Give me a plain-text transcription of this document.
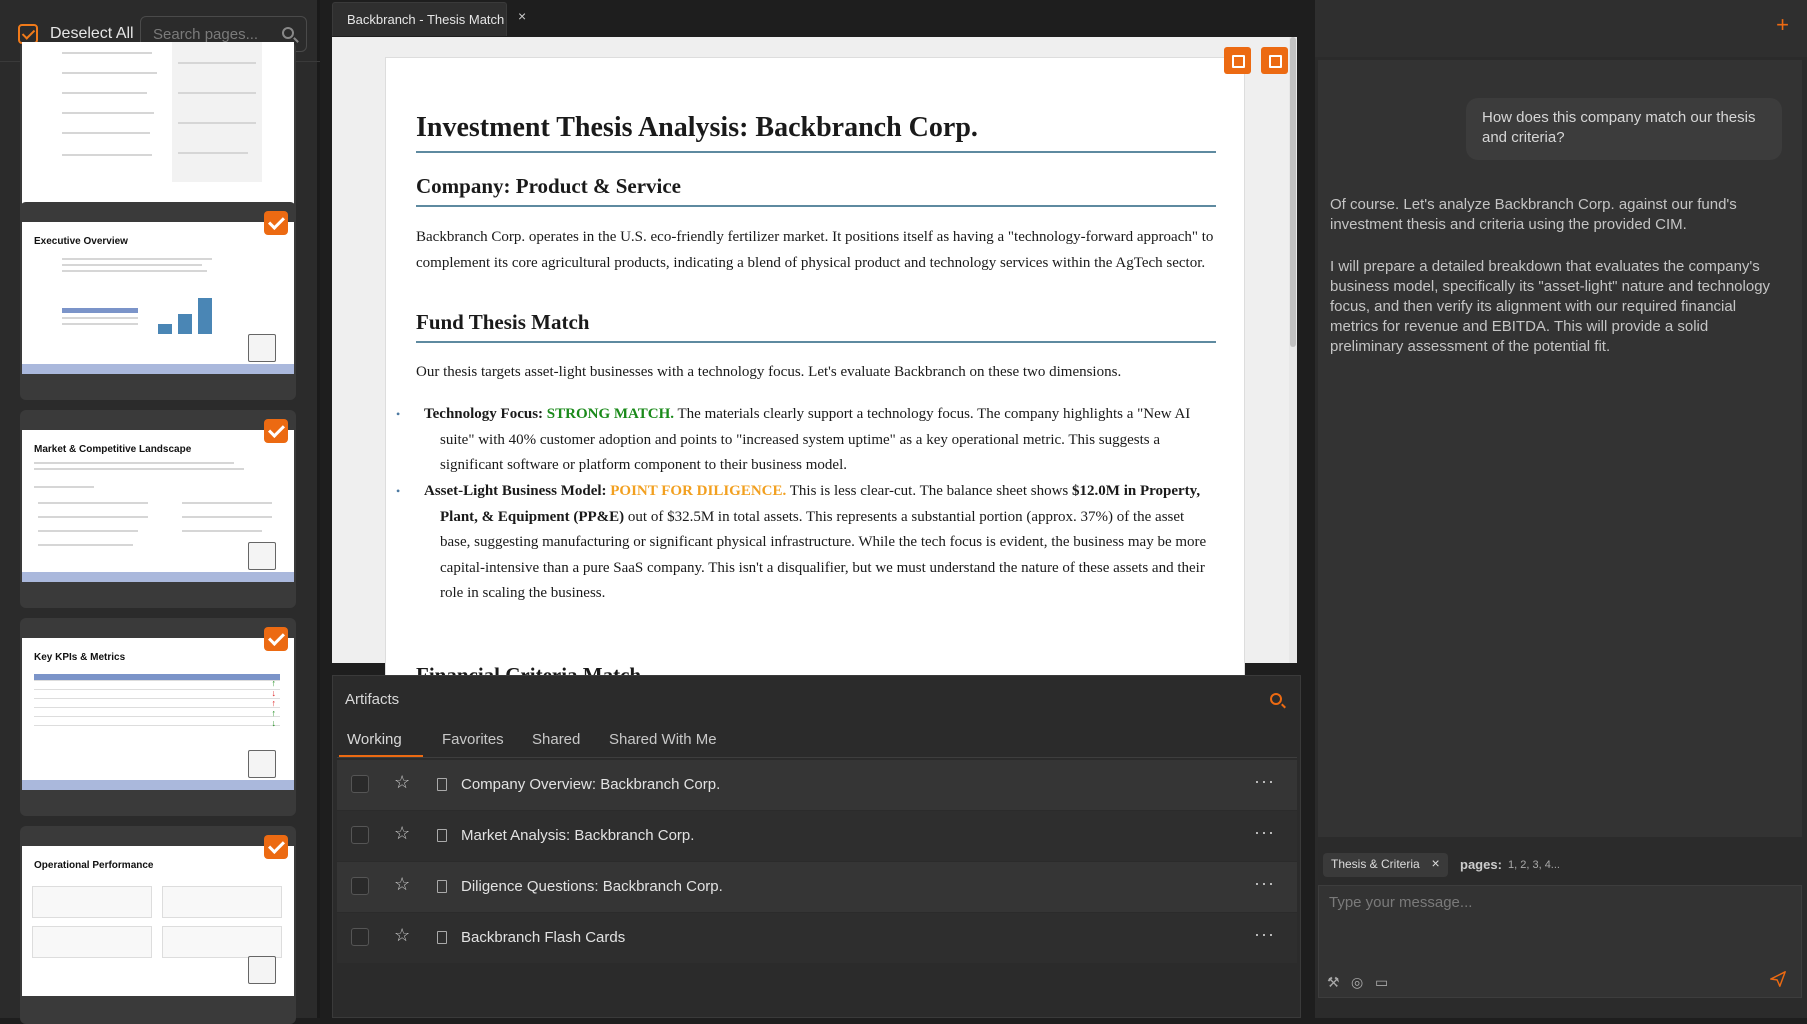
Deselect All
Search pages...
Executive Overview
Market & Competitive Landscape
Key KPIs & Metrics
↑
↓
↑
↑
↓
Operational Performance
Backbranch - Thesis Match ×
Investment Thesis Analysis: Backbranch Corp.
Company: Product & Service
Backbranch Corp. operates in the U.S. eco-friendly fertilizer market. It positions itself as having a "technology-forward approach" to complement its core agricultural products, indicating a blend of physical product and technology services within the AgTech sector.
Fund Thesis Match
Our thesis targets asset-light businesses with a technology focus. Let's evaluate Backbranch on these two dimensions.
• Technology Focus: STRONG MATCH. The materials clearly support a technology focus. The company highlights a "New AI suite" with 40% customer adoption and points to "increased system uptime" as a key operational metric. This suggests a significant software or platform component to their business model.
• Asset-Light Business Model: POINT FOR DILIGENCE. This is less clear-cut. The balance sheet shows $12.0M in Property, Plant, & Equipment (PP&E) out of $32.5M in total assets. This represents a substantial portion (approx. 37%) of the asset base, suggesting manufacturing or significant physical infrastructure. While the tech focus is evident, the business may be more capital-intensive than a pure SaaS company. This isn't a disqualifier, but we must understand the nature of these assets and their role in scaling the business.
Artifacts
Working	Favorites Shared Shared With Me
☆	Company Overview: Backbranch Corp.	···
☆	Market Analysis: Backbranch Corp.	···
☆	Diligence Questions: Backbranch Corp.	···
☆	Backbranch Flash Cards	···
+
How does this company match our thesis and criteria?

Of course. Let's analyze Backbranch Corp. against our fund's investment thesis and criteria using the provided CIM.

I will prepare a detailed breakdown that evaluates the company's business model, specifically its "asset-light" nature and technology focus, and then verify its alignment with our required financial metrics for revenue and EBITDA. This will provide a solid preliminary assessment of the potential fit.

Thesis & Criteria × pages: 1, 2, 3, 4...
Type your message...
⚒ ◎ ▭
